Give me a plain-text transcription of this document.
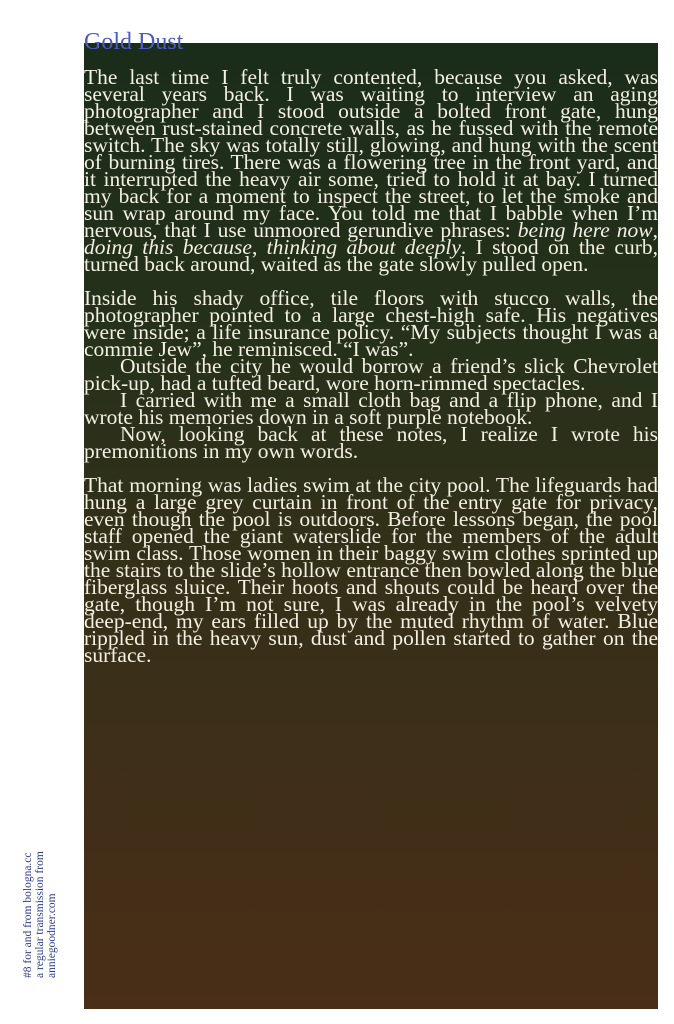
Gold Dust

The last time I felt truly contented, because you asked, was several years back. I was waiting to interview an aging photographer and I stood outside a bolted front gate, hung between rust-stained concrete walls, as he fussed with the remote switch. The sky was totally still, glowing, and hung with the scent of burning tires. There was a flowering tree in the front yard, and it interrupted the heavy air some, tried to hold it at bay. I turned my back for a moment to inspect the street, to let the smoke and sun wrap around my face. You told me that I babble when I’m nervous, that I use unmoored gerundive phrases: being here now, doing this because, thinking about deeply. I stood on the curb, turned back around, waited as the gate slowly pulled open.

Inside his shady office, tile floors with stucco walls, the photographer pointed to a large chest-high safe. His negatives were inside; a life insurance policy. “My subjects thought I was a commie Jew”, he reminisced. “I was”.

Outside the city he would borrow a friend’s slick Chevrolet pick-up, had a tufted beard, wore horn-rimmed spectacles.

I carried with me a small cloth bag and a flip phone, and I wrote his memories down in a soft purple notebook.

Now, looking back at these notes, I realize I wrote his premonitions in my own words.

That morning was ladies swim at the city pool. The lifeguards had hung a large grey curtain in front of the entry gate for privacy, even though the pool is outdoors. Before lessons began, the pool staff opened the giant waterslide for the members of the adult swim class. Those women in their baggy swim clothes sprinted up the stairs to the slide’s hollow entrance then bowled along the blue fiberglass sluice. Their hoots and shouts could be heard over the gate, though I’m not sure, I was already in the pool’s velvety deep-end, my ears filled up by the muted rhythm of water. Blue rippled in the heavy sun, dust and pollen started to gather on the surface.

#8 for and from bologna.cc a regular transmission from anniegoodner.com
